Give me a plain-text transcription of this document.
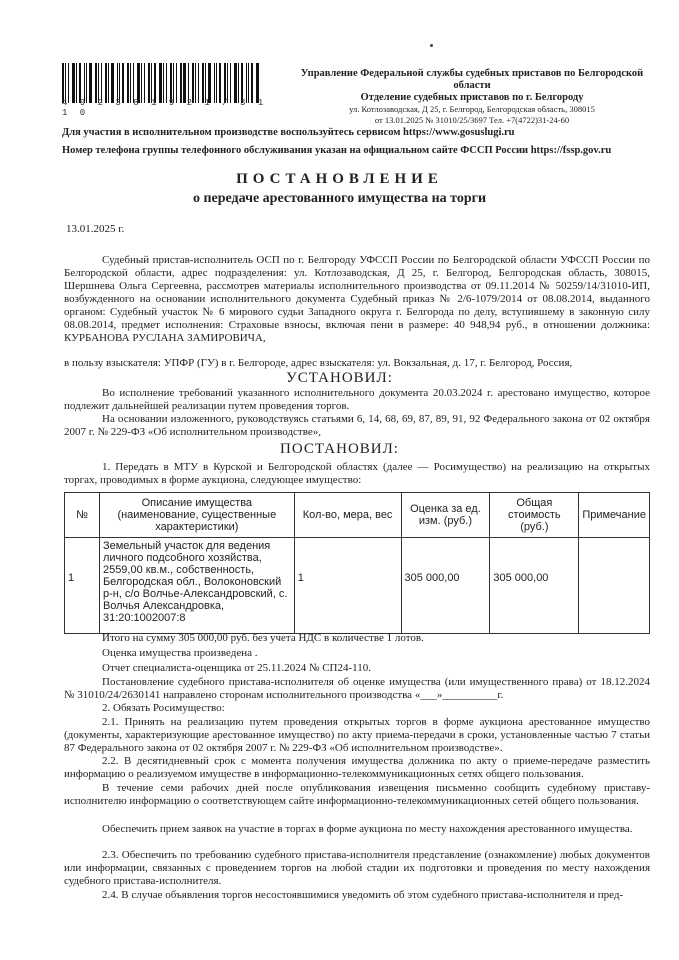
4 9 2 3 8 1 9 2 1 / 3 1 1 0
Управление Федеральной службы судебных приставов по Белгородской
области
Отделение судебных приставов по г. Белгороду
ул. Котлозаводская, Д 25, г. Белгород, Белгородская область, 308015
от 13.01.2025 № 31010/25/3697 Тел. +7(4722)31-24-60
Для участия в исполнительном производстве воспользуйтесь сервисом https://www.gosuslugi.ru
Номер телефона группы телефонного обслуживания указан на официальном сайте ФССП России https://fssp.gov.ru
ПОСТАНОВЛЕНИЕ
о передаче арестованного имущества на торги
13.01.2025 г.
Судебный пристав-исполнитель ОСП по г. Белгороду УФССП России по Белгородской области УФССП России по Белгородской области, адрес подразделения: ул. Котлозаводская, Д 25, г. Белгород, Белгородская область, 308015, Шершнева Ольга Сергеевна, рассмотрев материалы исполнительного производства от 09.11.2014 № 50259/14/31010-ИП, возбужденного на основании исполнительного документа Судебный приказ № 2/6-1079/2014 от 08.08.2014, выданного органом: Судебный участок № 6 мирового судьи Западного округа г. Белгорода по делу, вступившему в законную силу 08.08.2014, предмет исполнения: Страховые взносы, включая пени в размере: 40 948,94 руб., в отношении должника: КУРБАНОВА РУСЛАНА ЗАМИРОВИЧА,
в пользу взыскателя: УПФР (ГУ) в г. Белгороде, адрес взыскателя: ул. Вокзальная, д. 17, г. Белгород, Россия,
УСТАНОВИЛ:
Во исполнение требований указанного исполнительного документа 20.03.2024 г. арестовано имущество, которое подлежит дальнейшей реализации путем проведения торгов.
На основании изложенного, руководствуясь статьями 6, 14, 68, 69, 87, 89, 91, 92 Федерального закона от 02 октября 2007 г. № 229-ФЗ «Об исполнительном производстве»,
ПОСТАНОВИЛ:
1. Передать в МТУ в Курской и Белгородской областях (далее — Росимущество) на реализацию на открытых торгах, проводимых в форме аукциона, следующее имущество:
№	Описание имущества (наименование, существенные характеристики)	Кол-во, мера, вес	Оценка за ед. изм. (руб.)	Общая стоимость (руб.)	Примечание
1	Земельный участок для ведения личного подсобного хозяйства, 2559,00 кв.м., собственность, Белгородская обл., Волоконовский р-н, с/о Волчье-Александровский, с. Волчья Александровка, 31:20:1002007:8	1	305 000,00	305 000,00	
Итого на сумму 305 000,00 руб. без учета НДС в количестве 1 лотов.
Оценка имущества произведена .
Отчет специалиста-оценщика от 25.11.2024 № СП24-110.
Постановление судебного пристава-исполнителя об оценке имущества (или имущественного права) от 18.12.2024 № 31010/24/2630141 направлено сторонам исполнительного производства «___»__________г.
2. Обязать Росимущество:
2.1. Принять на реализацию путем проведения открытых торгов в форме аукциона арестованное имущество (документы, характеризующие арестованное имущество) по акту приема-передачи в сроки, установленные частью 7 статьи 87 Федерального закона от 02 октября 2007 г. № 229-ФЗ «Об исполнительном производстве».
2.2. В десятидневный срок с момента получения имущества должника по акту о приеме-передаче разместить информацию о реализуемом имуществе в информационно-телекоммуникационных сетях общего пользования.
В течение семи рабочих дней после опубликования извещения письменно сообщить судебному приставу-исполнителю информацию о соответствующем сайте информационно-телекоммуникационных сетей общего пользования.
Обеспечить прием заявок на участие в торгах в форме аукциона по месту нахождения арестованного имущества.
2.3. Обеспечить по требованию судебного пристава-исполнителя представление (ознакомление) любых документов или информации, связанных с проведением торгов на любой стадии их подготовки и проведения по месту нахождения судебного пристава-исполнителя.
2.4. В случае объявления торгов несостоявшимися уведомить об этом судебного пристава-исполнителя и пред-
